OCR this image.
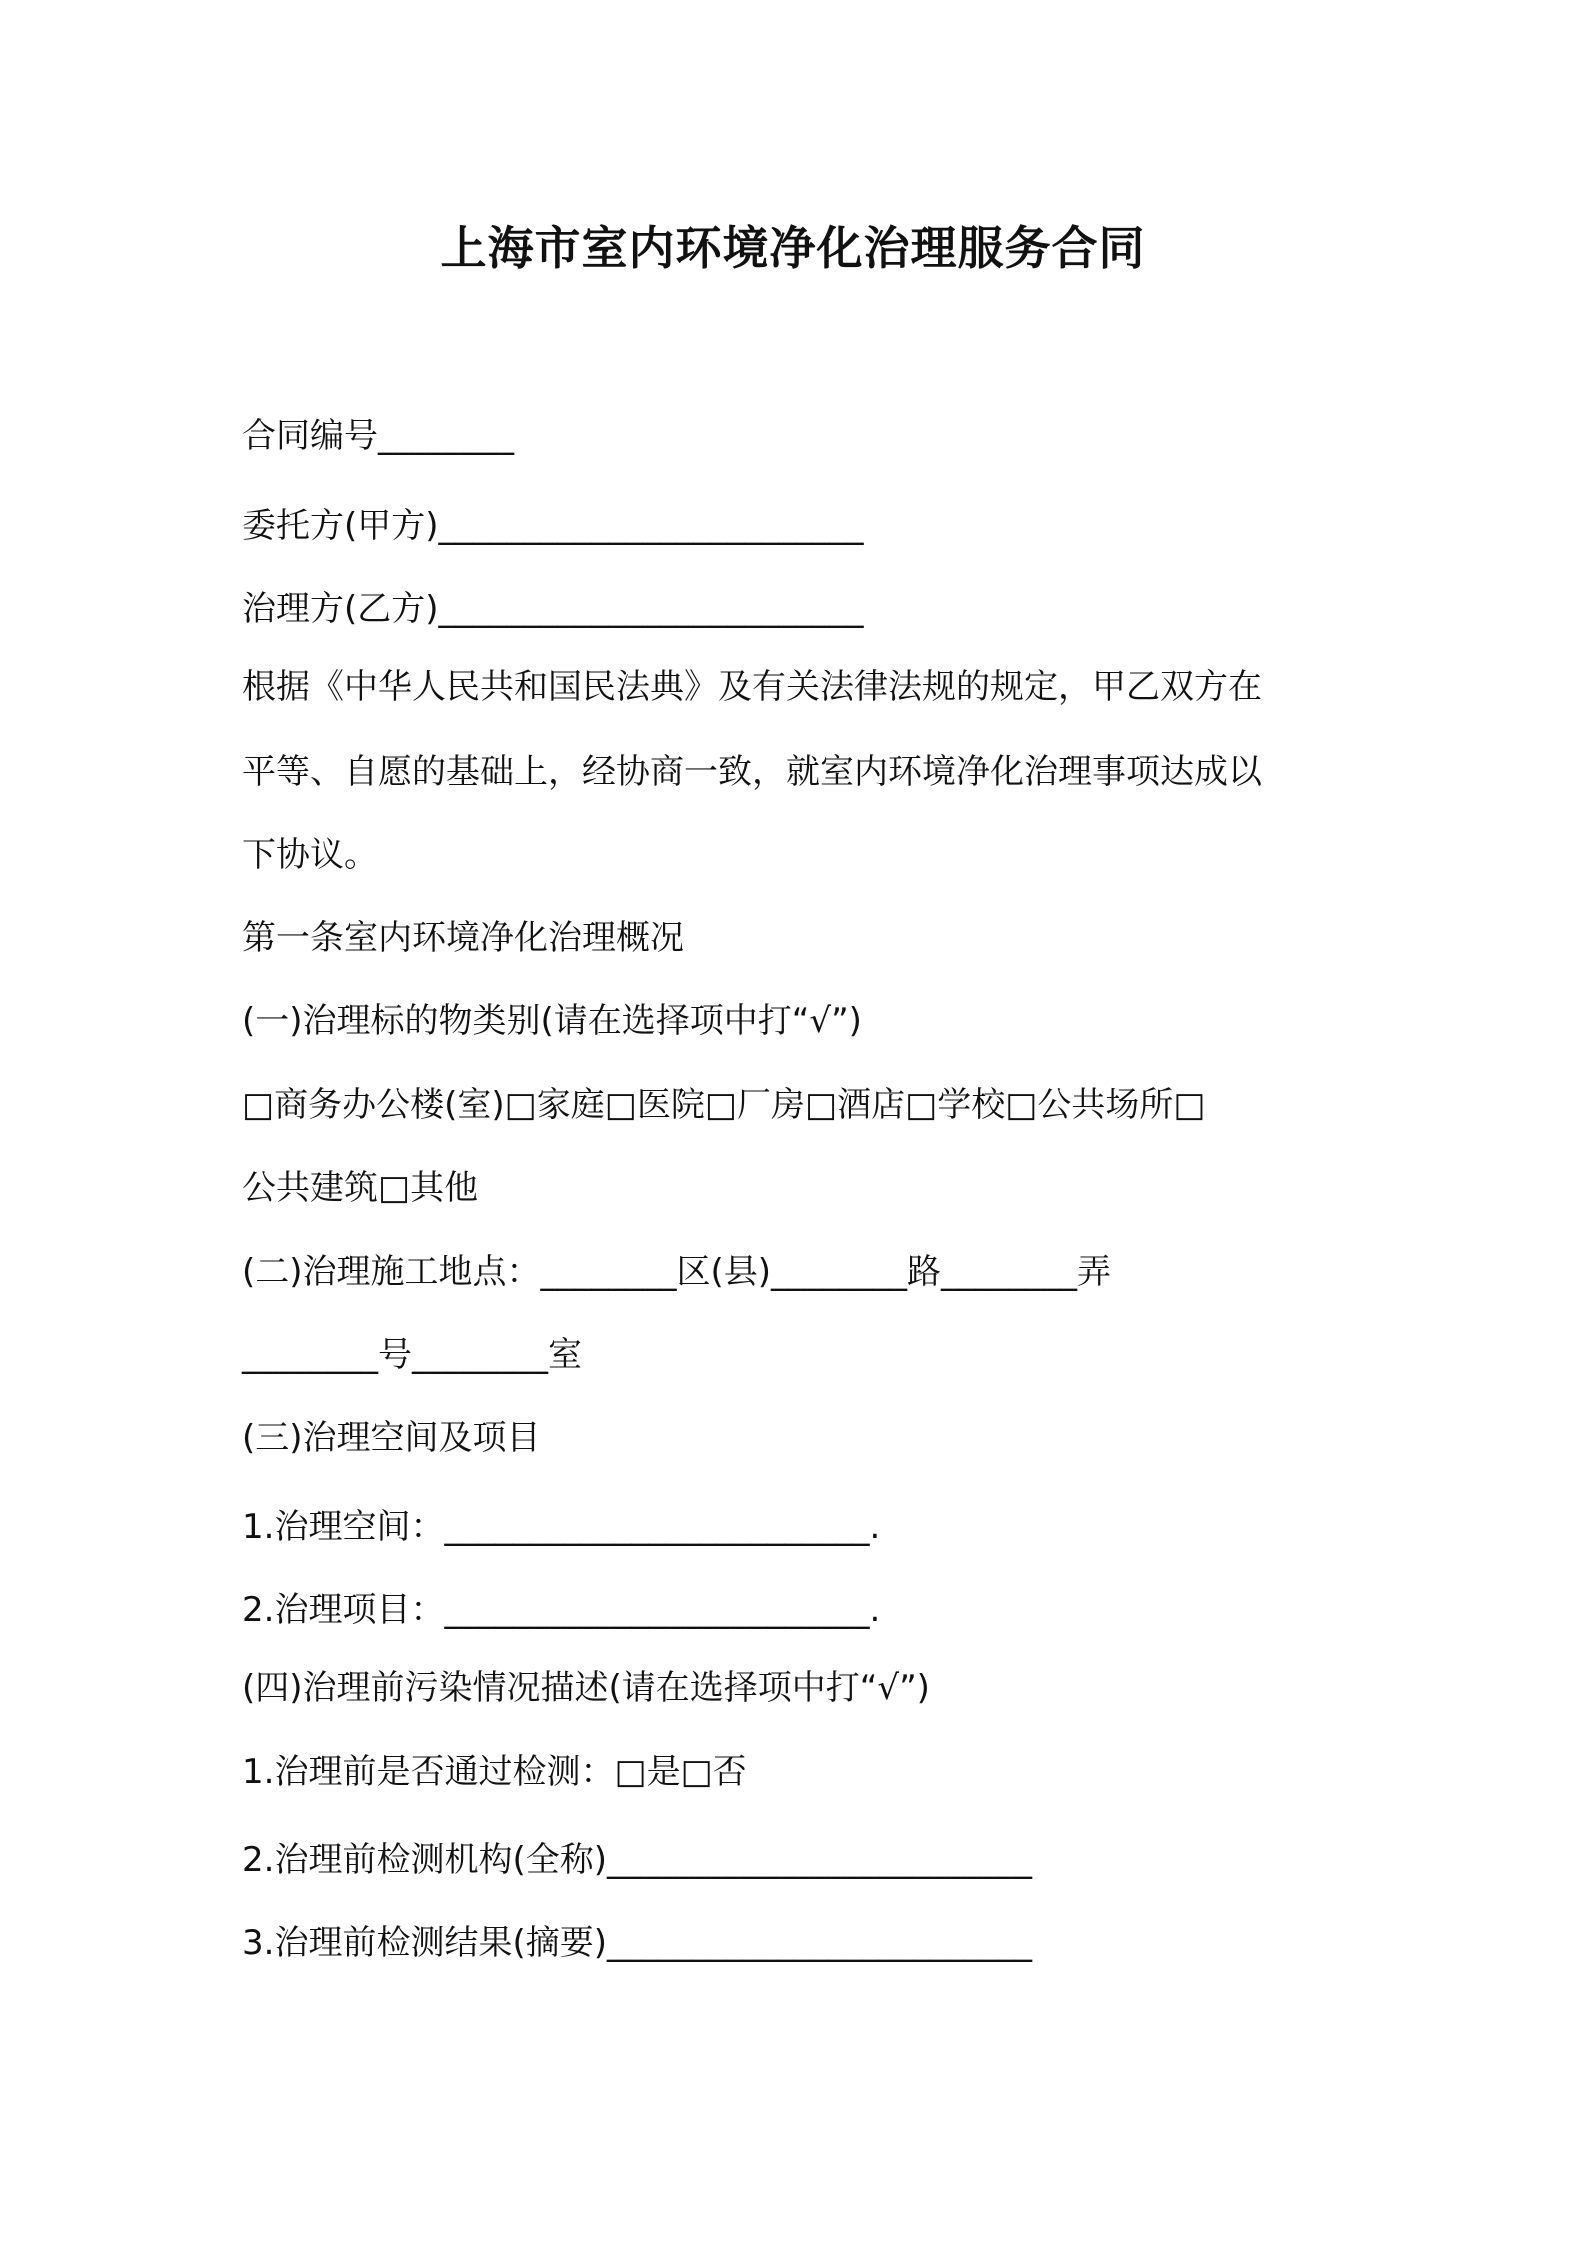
上海市室内环境净化治理服务合同
合同编号________
委托方(甲方)_________________________
治理方(乙方)_________________________
根据《中华人民共和国民法典》及有关法律法规的规定，甲乙双方在
平等、自愿的基础上，经协商一致，就室内环境净化治理事项达成以
下协议。
第一条室内环境净化治理概况
(一)治理标的物类别(请在选择项中打“√”)
□商务办公楼(室)□家庭□医院□厂房□酒店□学校□公共场所□
公共建筑□其他
(二)治理施工地点：________区(县)________路________弄
________号________室
(三)治理空间及项目
1.治理空间：_________________________.
2.治理项目：_________________________.
(四)治理前污染情况描述(请在选择项中打“√”)
1.治理前是否通过检测：□是□否
2.治理前检测机构(全称)_________________________
3.治理前检测结果(摘要)_________________________
